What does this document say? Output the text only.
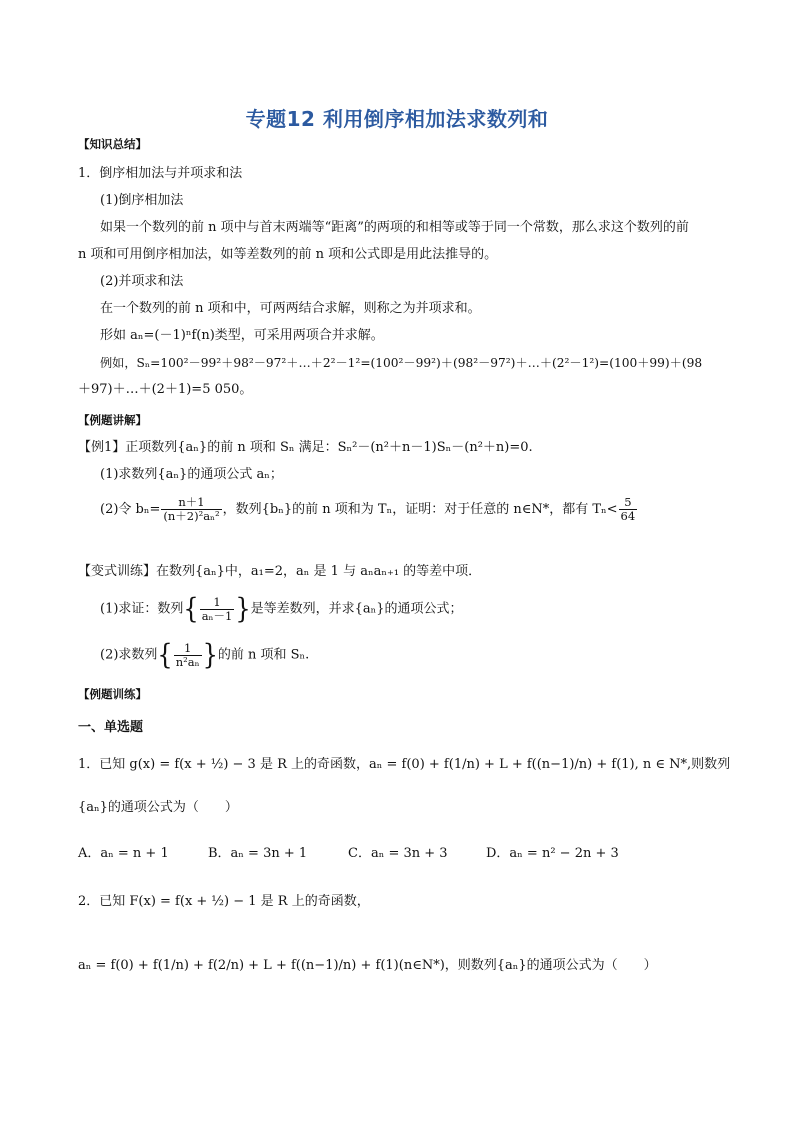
专题12 利用倒序相加法求数列和
【知识总结】
1．倒序相加法与并项求和法
(1)倒序相加法
如果一个数列的前 n 项中与首末两端等“距离”的两项的和相等或等于同一个常数，那么求这个数列的前
n 项和可用倒序相加法，如等差数列的前 n 项和公式即是用此法推导的。
(2)并项求和法
在一个数列的前 n 项和中，可两两结合求解，则称之为并项求和。
形如 aₙ=(－1)ⁿf(n)类型，可采用两项合并求解。
例如，Sₙ=100²－99²＋98²－97²＋…＋2²－1²=(100²－99²)＋(98²－97²)＋…＋(2²－1²)=(100＋99)＋(98
＋97)＋…＋(2＋1)=5 050。
【例题讲解】
【例1】正项数列{aₙ}的前 n 项和 Sₙ 满足：Sₙ²－(n²＋n－1)Sₙ－(n²＋n)=0.
(1)求数列{aₙ}的通项公式 aₙ；
(2)令 $b_n= \frac{n+1}{\text{(n＋2)²aₙ²}}$ ，数列{bₙ}的前 n 项和为 Tₙ，证明：对于任意的 n∈N*，都有 $T_n< \frac{5}{64}$
【变式训练】在数列{aₙ}中，a₁=2，aₙ 是 1 与 aₙaₙ₊₁ 的等差中项．
(1)求证：数列{ $\frac{1}{\text{aₙ－1}}$ }是等差数列，并求{aₙ}的通项公式；
(2)求数列{ $\frac{1}{\text{n²aₙ}}$ }的前 n 项和 Sₙ.
【例题训练】
一、单选题
1．已知 g(x) = f(x + ½) − 3 是 R 上的奇函数，aₙ = f(0) + f(1/n) + L + f((n−1)/n) + f(1), n ∈ N*,则数列
{aₙ}的通项公式为（　　）
A．aₙ = n + 1	B．aₙ = 3n + 1	C．aₙ = 3n + 3	D．aₙ = n² − 2n + 3
2．已知 F(x) = f(x + ½) − 1 是 R 上的奇函数，
aₙ = f(0) + f(1/n) + f(2/n) + L + f((n−1)/n) + f(1)(n∈N*)，则数列{aₙ}的通项公式为（　　）
